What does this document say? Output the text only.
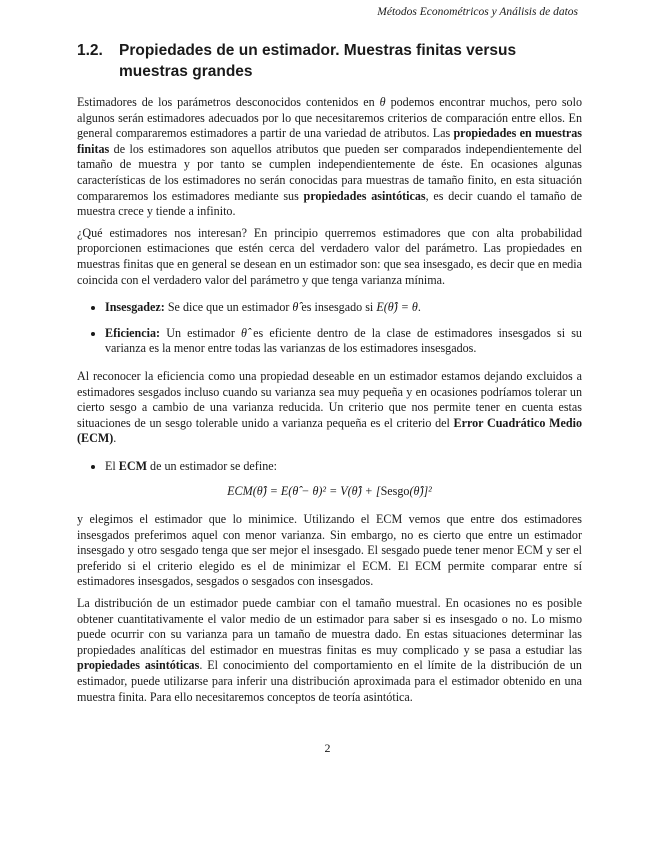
Métodos Econométricos y Análisis de datos
1.2.	Propiedades de un estimador. Muestras finitas versus muestras grandes

Estimadores de los parámetros desconocidos contenidos en θ podemos encontrar muchos, pero solo algunos serán estimadores adecuados por lo que necesitaremos criterios de comparación entre ellos. En general compararemos estimadores a partir de una variedad de atributos. Las propiedades en muestras finitas de los estimadores son aquellos atributos que pueden ser comparados independientemente del tamaño de muestra y por tanto se cumplen independientemente de éste. En ocasiones algunas características de los estimadores no serán conocidas para muestras de tamaño finito, en esta situación compararemos los estimadores mediante sus propiedades asintóticas, es decir cuando el tamaño de muestra crece y tiende a infinito.

¿Qué estimadores nos interesan? En principio querremos estimadores que con alta probabilidad proporcionen estimaciones que estén cerca del verdadero valor del parámetro. Las propiedades en muestras finitas que en general se desean en un estimador son: que sea insesgado, es decir que en media coincida con el verdadero valor del parámetro y que tenga varianza mínima.

• Insesgadez: Se dice que un estimador θ̂ es insesgado si E(θ̂) = θ.
• Eficiencia: Un estimador θ̂ es eficiente dentro de la clase de estimadores insesgados si su varianza es la menor entre todas las varianzas de los estimadores insesgados.

Al reconocer la eficiencia como una propiedad deseable en un estimador estamos dejando excluidos a estimadores sesgados incluso cuando su varianza sea muy pequeña y en ocasiones podríamos tolerar un cierto sesgo a cambio de una varianza reducida. Un criterio que nos permite tener en cuenta estas situaciones de un sesgo tolerable unido a varianza pequeña es el criterio del Error Cuadrático Medio (ECM).

• El ECM de un estimador se define:
ECM(θ̂) = E(θ̂ − θ)² = V(θ̂) + [Sesgo(θ̂)]²

y elegimos el estimador que lo minimice. Utilizando el ECM vemos que entre dos estimadores insesgados preferimos aquel con menor varianza. Sin embargo, no es cierto que entre un estimador insesgado y otro sesgado tenga que ser mejor el insesgado. El sesgado puede tener menor ECM y ser el preferido si el criterio elegido es el de minimizar el ECM. El ECM permite comparar entre sí estimadores insesgados, sesgados o sesgados con insesgados.

La distribución de un estimador puede cambiar con el tamaño muestral. En ocasiones no es posible obtener cuantitativamente el valor medio de un estimador para saber si es insesgado o no. Lo mismo puede ocurrir con su varianza para un tamaño de muestra dado. En estas situaciones determinar las propiedades analíticas del estimador en muestras finitas es muy complicado y se pasa a estudiar las propiedades asintóticas. El conocimiento del comportamiento en el límite de la distribución de un estimador, puede utilizarse para inferir una distribución aproximada para el estimador obtenido en una muestra finita. Para ello necesitaremos conceptos de teoría asintótica.

2
